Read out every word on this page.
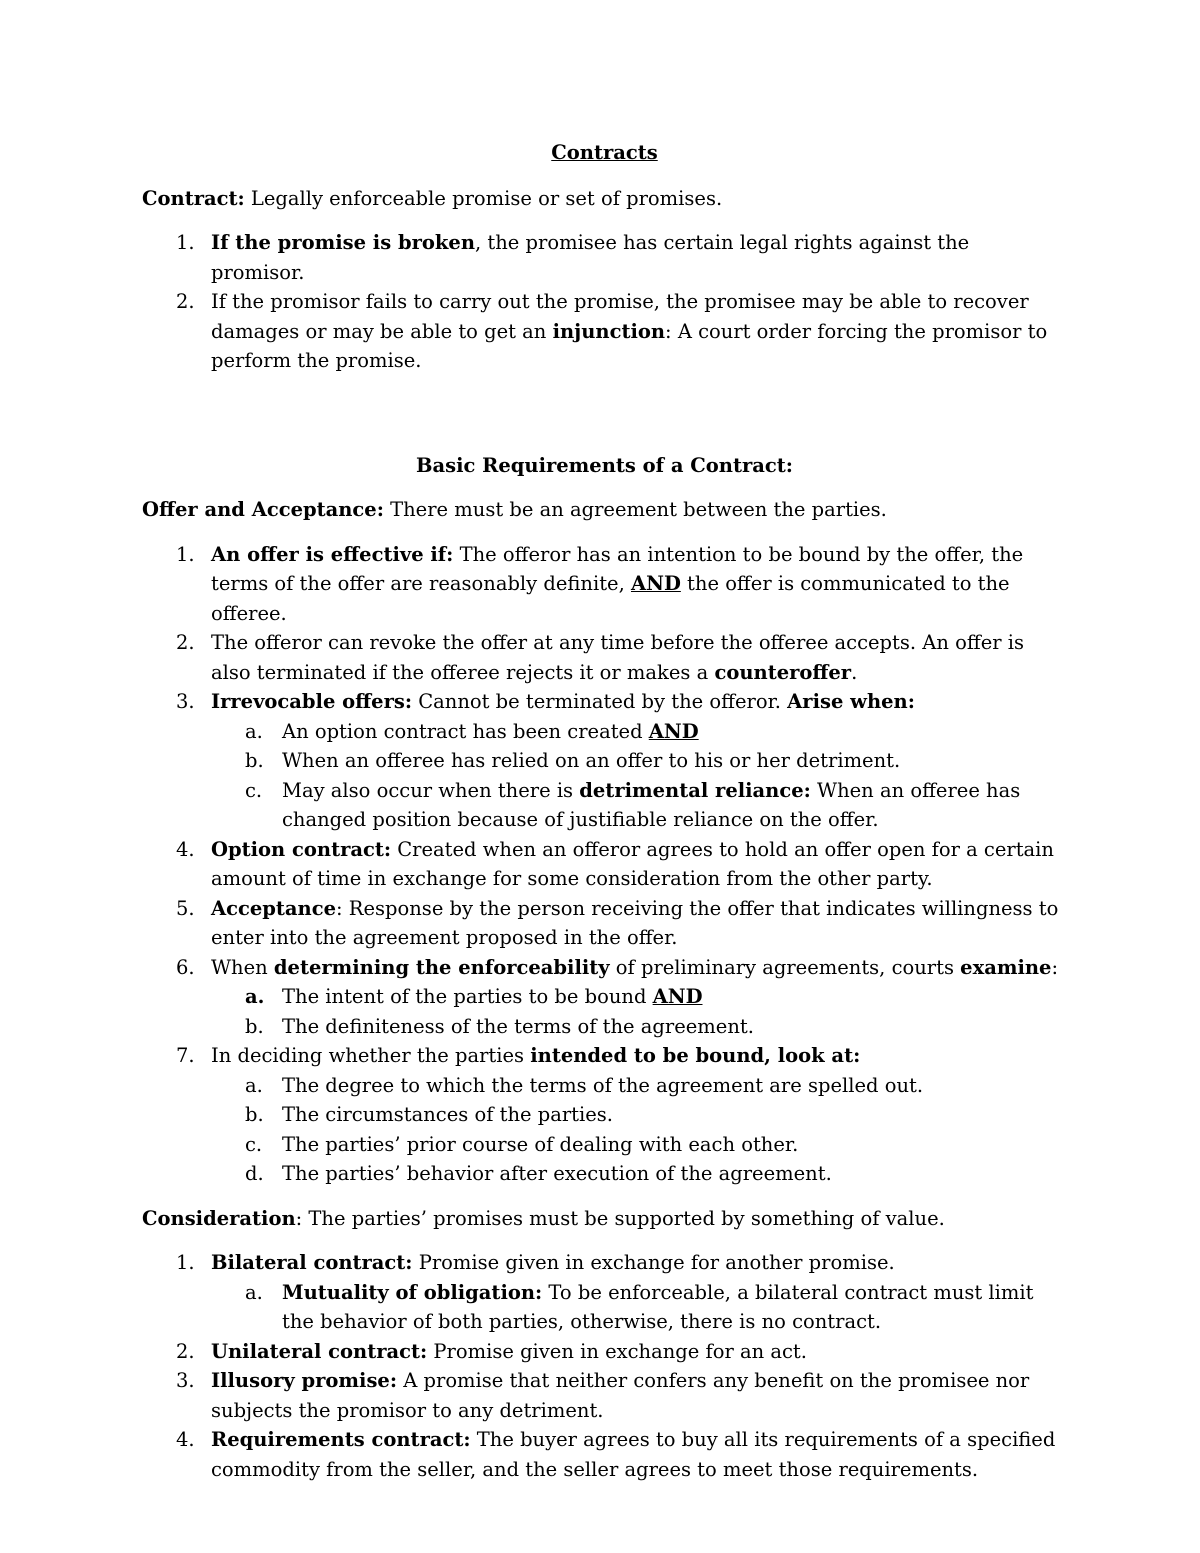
Contracts

Contract: Legally enforceable promise or set of promises.

1. If the promise is broken, the promisee has certain legal rights against the promisor.
2. If the promisor fails to carry out the promise, the promisee may be able to recover damages or may be able to get an injunction: A court order forcing the promisor to perform the promise.
Basic Requirements of a Contract:

Offer and Acceptance: There must be an agreement between the parties.

1. An offer is effective if: The offeror has an intention to be bound by the offer, the terms of the offer are reasonably definite, AND the offer is communicated to the offeree.
2. The offeror can revoke the offer at any time before the offeree accepts. An offer is also terminated if the offeree rejects it or makes a counteroffer.
3. Irrevocable offers: Cannot be terminated by the offeror. Arise when:
a. An option contract has been created AND
b. When an offeree has relied on an offer to his or her detriment.
c. May also occur when there is detrimental reliance: When an offeree has changed position because of justifiable reliance on the offer.
4. Option contract: Created when an offeror agrees to hold an offer open for a certain amount of time in exchange for some consideration from the other party.
5. Acceptance: Response by the person receiving the offer that indicates willingness to enter into the agreement proposed in the offer.
6. When determining the enforceability of preliminary agreements, courts examine:
a. The intent of the parties to be bound AND
b. The definiteness of the terms of the agreement.
7. In deciding whether the parties intended to be bound, look at:
a. The degree to which the terms of the agreement are spelled out.
b. The circumstances of the parties.
c. The parties’ prior course of dealing with each other.
d. The parties’ behavior after execution of the agreement.

Consideration: The parties’ promises must be supported by something of value.

1. Bilateral contract: Promise given in exchange for another promise.
a. Mutuality of obligation: To be enforceable, a bilateral contract must limit the behavior of both parties, otherwise, there is no contract.
2. Unilateral contract: Promise given in exchange for an act.
3. Illusory promise: A promise that neither confers any benefit on the promisee nor subjects the promisor to any detriment.
4. Requirements contract: The buyer agrees to buy all its requirements of a specified commodity from the seller, and the seller agrees to meet those requirements.
